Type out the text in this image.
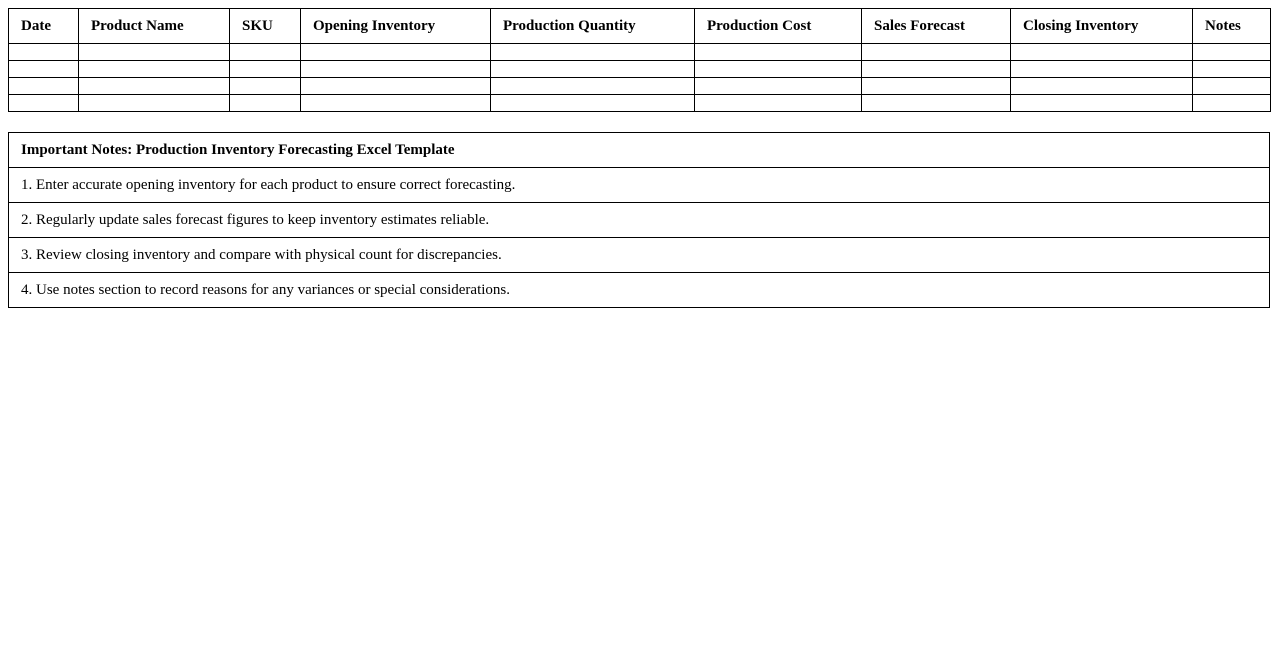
Date	Product Name	SKU	Opening Inventory	Production Quantity	Production Cost	Sales Forecast	Closing Inventory	Notes

Important Notes: Production Inventory Forecasting Excel Template
1. Enter accurate opening inventory for each product to ensure correct forecasting.
2. Regularly update sales forecast figures to keep inventory estimates reliable.
3. Review closing inventory and compare with physical count for discrepancies.
4. Use notes section to record reasons for any variances or special considerations.
